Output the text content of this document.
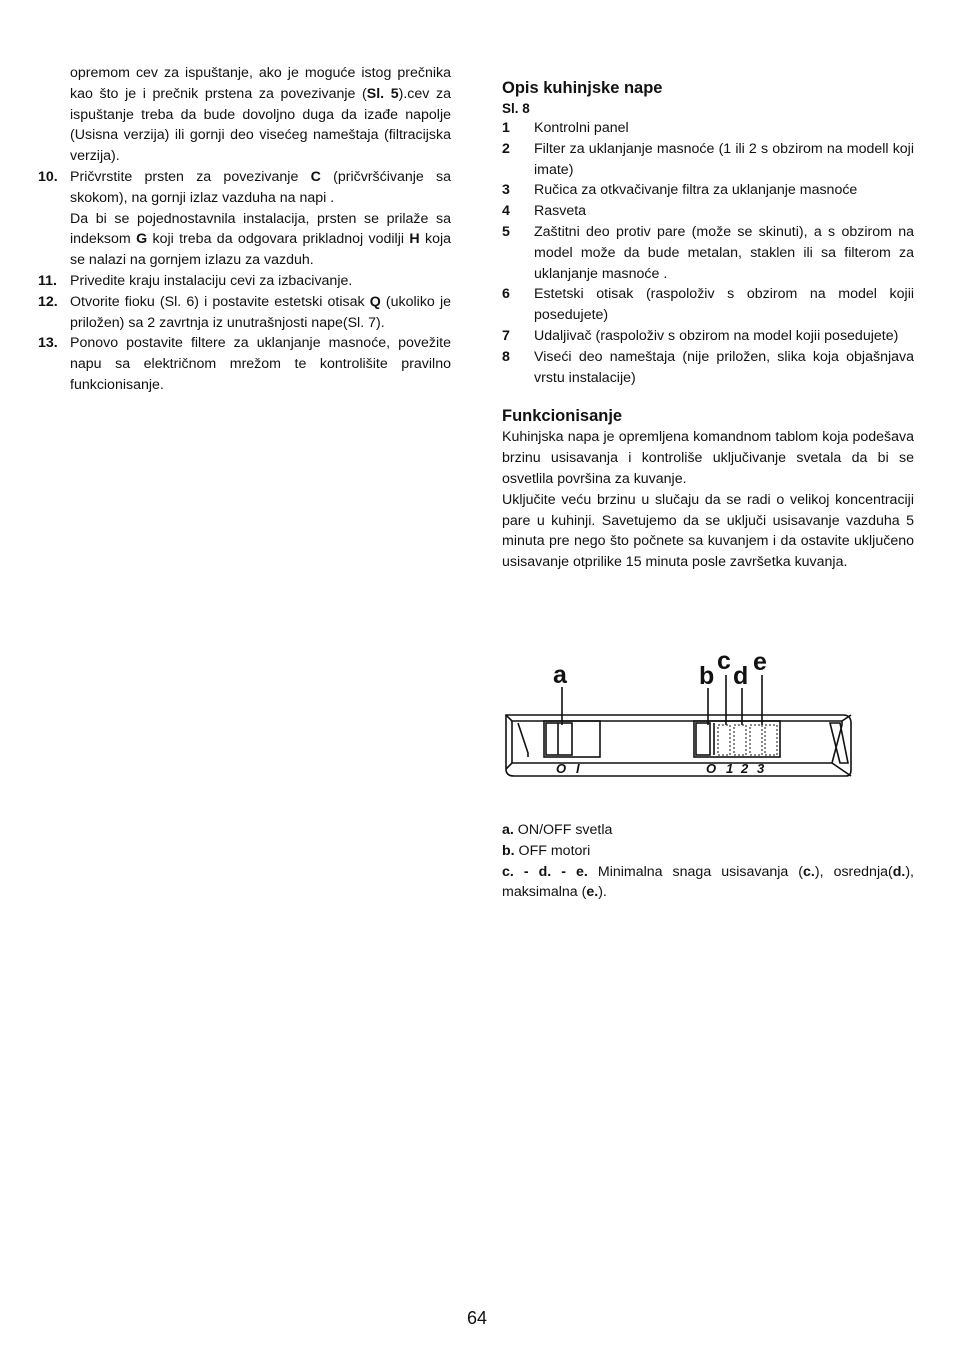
opremom cev za ispuštanje, ako je moguće istog prečnika kao što je i prečnik prstena za povezivanje (Sl. 5).cev za ispuštanje treba da bude dovoljno duga da izađe napolje (Usisna verzija) ili gornji deo visećeg nameštaja (filtracijska verzija).
10. Pričvrstite prsten za povezivanje C (pričvršćivanje sa skokom), na gornji izlaz vazduha na napi .
Da bi se pojednostavnila instalacija, prsten se prilaže sa indeksom G koji treba da odgovara prikladnoj vodilji H koja se nalazi na gornjem izlazu za vazduh.
11. Privedite kraju instalaciju cevi za izbacivanje.
12. Otvorite fioku (Sl. 6) i postavite estetski otisak Q (ukoliko je priložen) sa 2 zavrtnja iz unutrašnjosti nape(Sl. 7).
13. Ponovo postavite filtere za uklanjanje masnoće, povežite napu sa električnom mrežom te kontrolišite pravilno funkcionisanje.
Opis kuhinjske nape
Sl. 8
1	Kontrolni panel
2	Filter za uklanjanje masnoće (1 ili 2 s obzirom na modell koji imate)
3	Ručica za otkvačivanje filtra za uklanjanje masnoće
4	Rasveta
5	Zaštitni deo protiv pare (može se skinuti), a s obzirom na model može da bude metalan, staklen ili sa filterom za uklanjanje masnoće .
6	Estetski otisak (raspoloživ s obzirom na model kojii posedujete)
7	Udaljivač (raspoloživ s obzirom na model kojii posedujete)
8	Viseći deo nameštaja (nije priložen, slika koja objašnjava vrstu instalacije)
Funkcionisanje
Kuhinjska napa je opremljena komandnom tablom koja podešava brzinu usisavanja i kontroliše uključivanje svetala da bi se osvetlila površina za kuvanje.
Uključite veću brzinu u slučaju da se radi o velikoj koncentraciji pare u kuhinji. Savetujemo da se uključi usisavanje vazduha 5 minuta pre nego što počnete sa kuvanjem i da ostavite uključeno usisavanje otprilike 15 minuta posle završetka kuvanja.
a	b
c
d e
O I	O 1 2 3
a. ON/OFF svetla
b. OFF motori
c. - d. - e. Minimalna snaga usisavanja (c.), osrednja(d.), maksimalna (e.).
64
